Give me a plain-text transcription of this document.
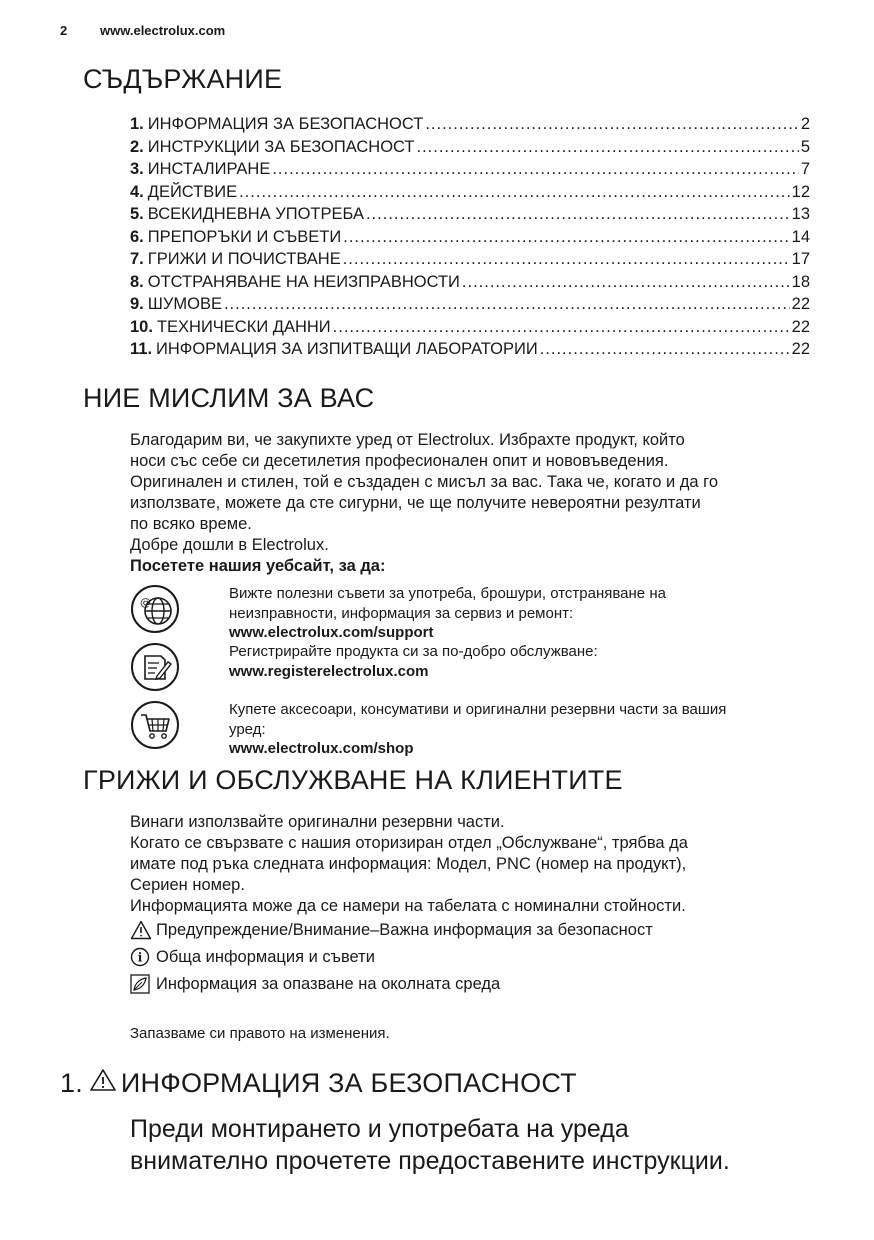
2	www.electrolux.com
СЪДЪРЖАНИЕ
1. ИНФОРМАЦИЯ ЗА БЕЗОПАСНОСТ .....	2
2. ИНСТРУКЦИИ ЗА БЕЗОПАСНОСТ .....	5
3. ИНСТАЛИРАНЕ .....	7
4. ДЕЙСТВИЕ .....	12
5. ВСЕКИДНЕВНА УПОТРЕБА .....	13
6. ПРЕПОРЪКИ И СЪВЕТИ .....	14
7. ГРИЖИ И ПОЧИСТВАНЕ .....	17
8. ОТСТРАНЯВАНЕ НА НЕИЗПРАВНОСТИ .....	18
9. ШУМОВЕ .....	22
10. ТЕХНИЧЕСКИ ДАННИ .....	22
11. ИНФОРМАЦИЯ ЗА ИЗПИТВАЩИ ЛАБОРАТОРИИ .....	22
НИЕ МИСЛИМ ЗА ВАС

Благодарим ви, че закупихте уред от Electrolux. Избрахте продукт, който

носи със себе си десетилетия професионален опит и нововъведения.

Оригинален и стилен, той е създаден с мисъл за вас. Така че, когато и да го

използвате, можете да сте сигурни, че ще получите невероятни резултати

по всяко време.

Добре дошли в Electrolux.

Посетете нашия уебсайт, за да:

@

Вижте полезни съвети за употреба, брошури, отстраняване на

неизправности, информация за сервиз и ремонт:

www.electrolux.com/support

Регистрирайте продукта си за по-добро обслужване:

www.registerelectrolux.com

Купете аксесоари, консумативи и оригинални резервни части за вашия

уред:

www.electrolux.com/shop

ГРИЖИ И ОБСЛУЖВАНЕ НА КЛИЕНТИТЕ

Винаги използвайте оригинални резервни части.

Когато се свързвате с нашия оторизиран отдел „Обслужване“, трябва да

имате под ръка следната информация: Модел, PNC (номер на продукт),

Сериен номер.

Информацията може да се намери на табелата с номинални стойности.

Предупреждение/Внимание–Важна информация за безопасност
i Обща информация и съвети
Информация за опазване на околната среда
Запазваме си правото на изменения.
1. ИНФОРМАЦИЯ ЗА БЕЗОПАСНОСТ
Преди монтирането и употребата на уреда
внимателно прочетете предоставените инструкции.
